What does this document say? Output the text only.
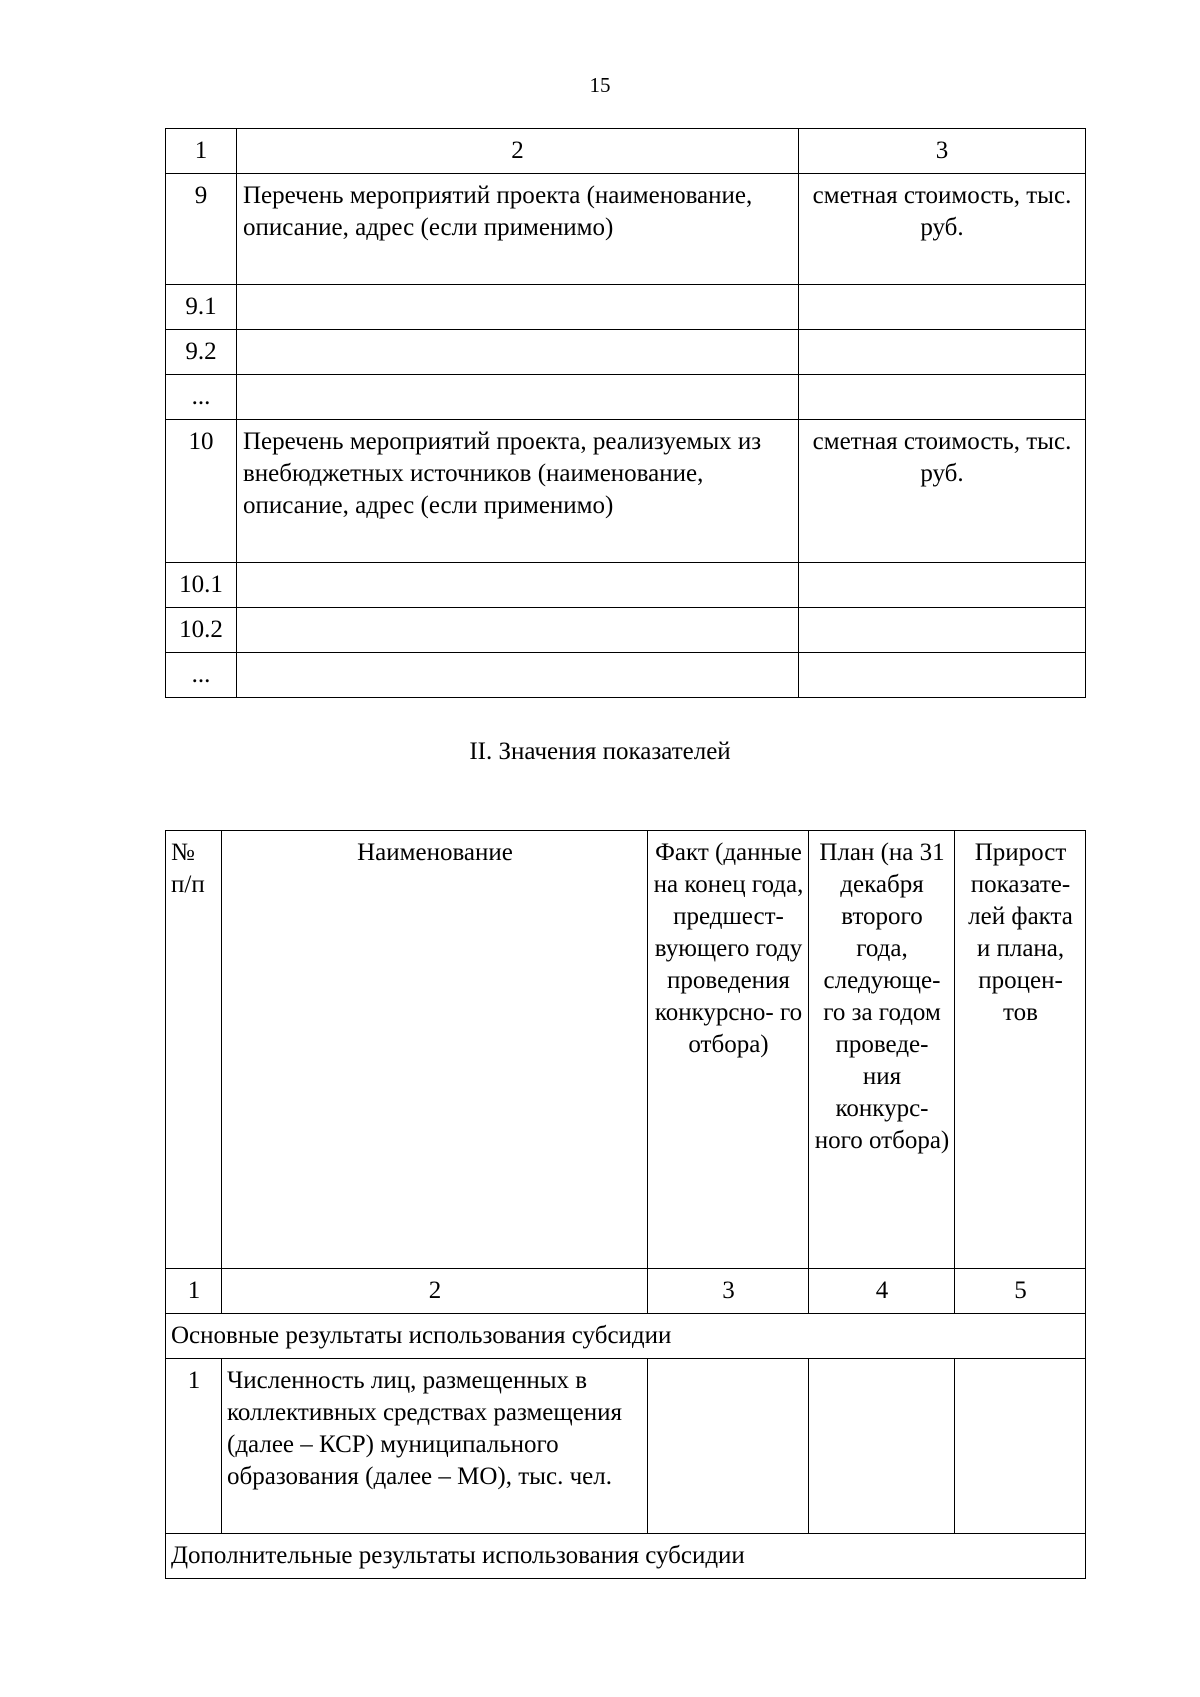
15
1	2	3
9	Перечень мероприятий проекта (наименование, описание, адрес (если применимо)	сметная стоимость, тыс. руб.
9.1		
9.2		
...		
10	Перечень мероприятий проекта, реализуемых из внебюджетных источников (наименование, описание, адрес (если применимо)	сметная стоимость, тыс. руб.
10.1		
10.2		
...		
II. Значения показателей
№ п/п	Наименование	Факт (данные на конец года, предшест- вующего году проведения конкурсно- го отбора)	План (на 31 декабря второго года, следующе- го за годом проведе- ния конкурс- ного отбора)	Прирост показате- лей факта и плана, процен- тов
1	2	3	4	5
Основные результаты использования субсидии				
1	Численность лиц, размещенных в коллективных средствах размещения (далее – КСР) муниципального образования (далее – МО), тыс. чел.			
Дополнительные результаты использования субсидии				
